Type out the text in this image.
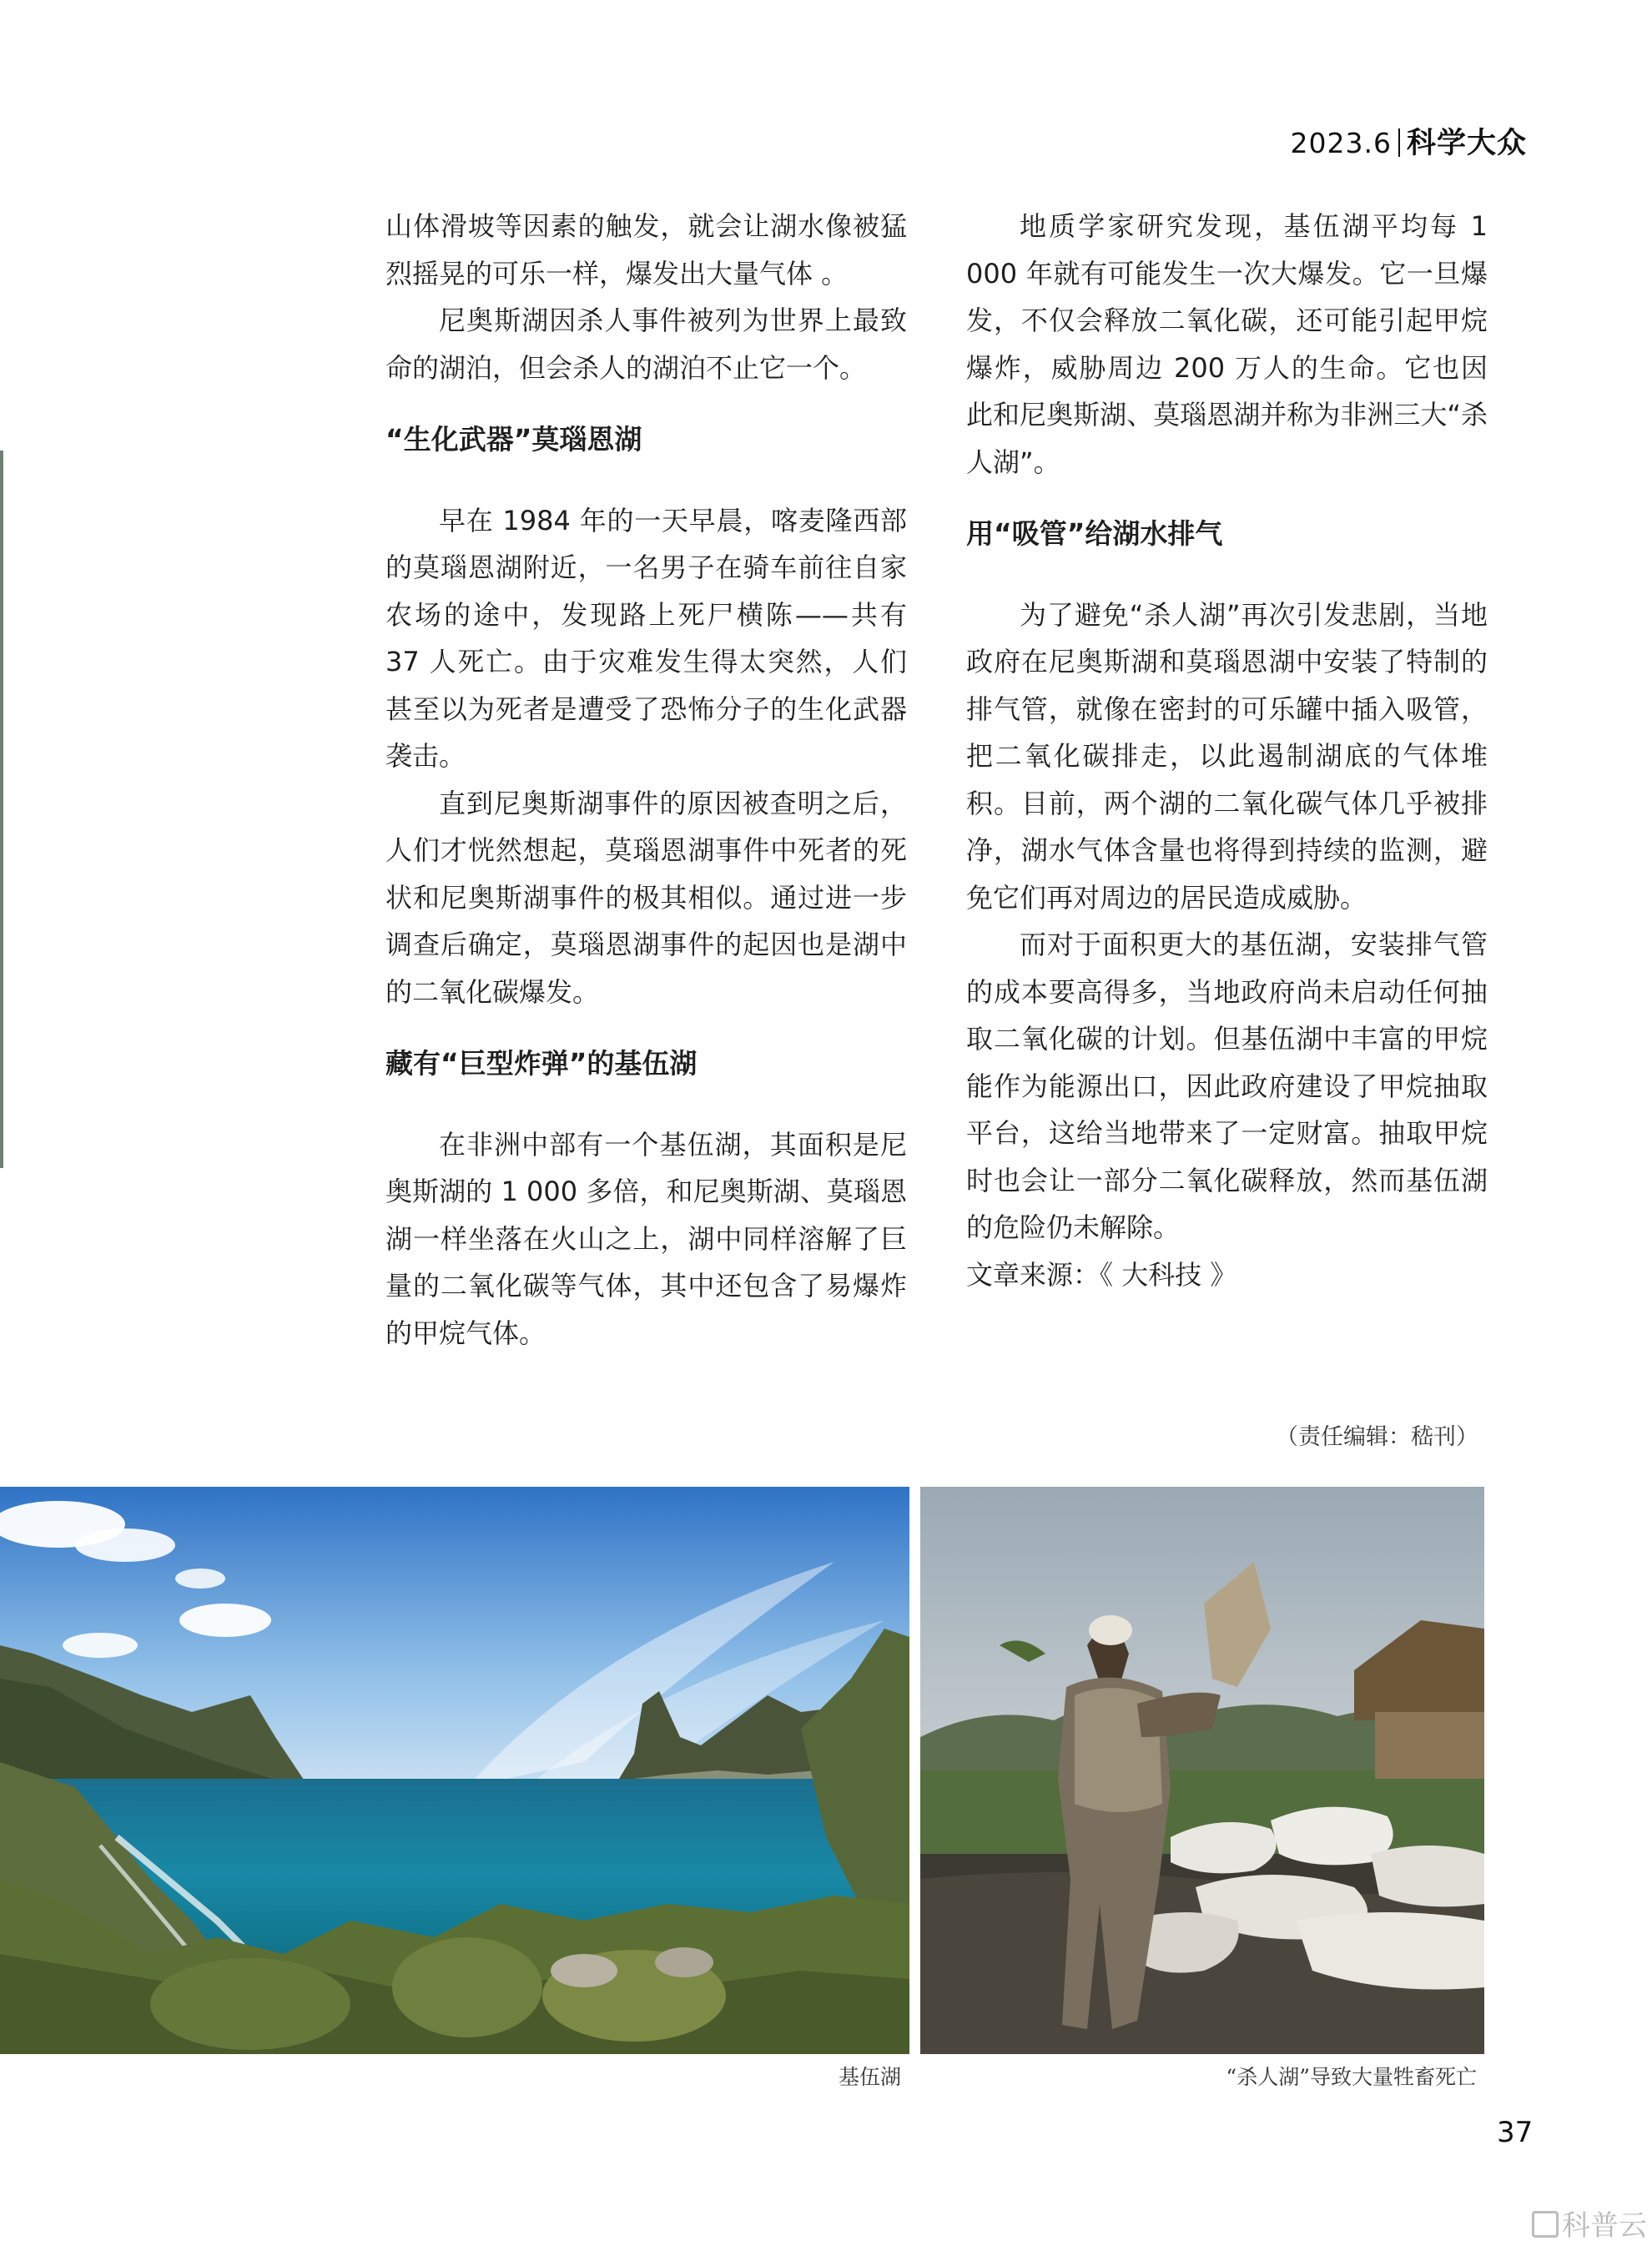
2023.6 科学大众

山体滑坡等因素的触发，就会让湖水像被猛烈摇晃的可乐一样，爆发出大量气体 。

尼奥斯湖因杀人事件被列为世界上最致命的湖泊，但会杀人的湖泊不止它一个。

“生化武器”莫瑙恩湖

早在 1984 年的一天早晨，喀麦隆西部的莫瑙恩湖附近，一名男子在骑车前往自家农场的途中，发现路上死尸横陈——共有 37 人死亡。由于灾难发生得太突然，人们甚至以为死者是遭受了恐怖分子的生化武器袭击。

直到尼奥斯湖事件的原因被查明之后，人们才恍然想起，莫瑙恩湖事件中死者的死状和尼奥斯湖事件的极其相似。通过进一步调查后确定，莫瑙恩湖事件的起因也是湖中的二氧化碳爆发。

藏有“巨型炸弹”的基伍湖

在非洲中部有一个基伍湖，其面积是尼奥斯湖的 1 000 多倍，和尼奥斯湖、莫瑙恩湖一样坐落在火山之上，湖中同样溶解了巨量的二氧化碳等气体，其中还包含了易爆炸的甲烷气体。

地质学家研究发现，基伍湖平均每 1 000 年就有可能发生一次大爆发。它一旦爆发，不仅会释放二氧化碳，还可能引起甲烷爆炸，威胁周边 200 万人的生命。它也因此和尼奥斯湖、莫瑙恩湖并称为非洲三大“杀人湖”。

用“吸管”给湖水排气

为了避免“杀人湖”再次引发悲剧，当地政府在尼奥斯湖和莫瑙恩湖中安装了特制的排气管，就像在密封的可乐罐中插入吸管，把二氧化碳排走，以此遏制湖底的气体堆积。目前，两个湖的二氧化碳气体几乎被排净，湖水气体含量也将得到持续的监测，避免它们再对周边的居民造成威胁。

而对于面积更大的基伍湖，安装排气管的成本要高得多，当地政府尚未启动任何抽取二氧化碳的计划。但基伍湖中丰富的甲烷能作为能源出口，因此政府建设了甲烷抽取平台，这给当地带来了一定财富。抽取甲烷时也会让一部分二氧化碳释放，然而基伍湖的危险仍未解除。

文章来源：《 大科技 》

（责任编辑：嵇刊）
基伍湖	“杀人湖”导致大量牲畜死亡
37
科普云
